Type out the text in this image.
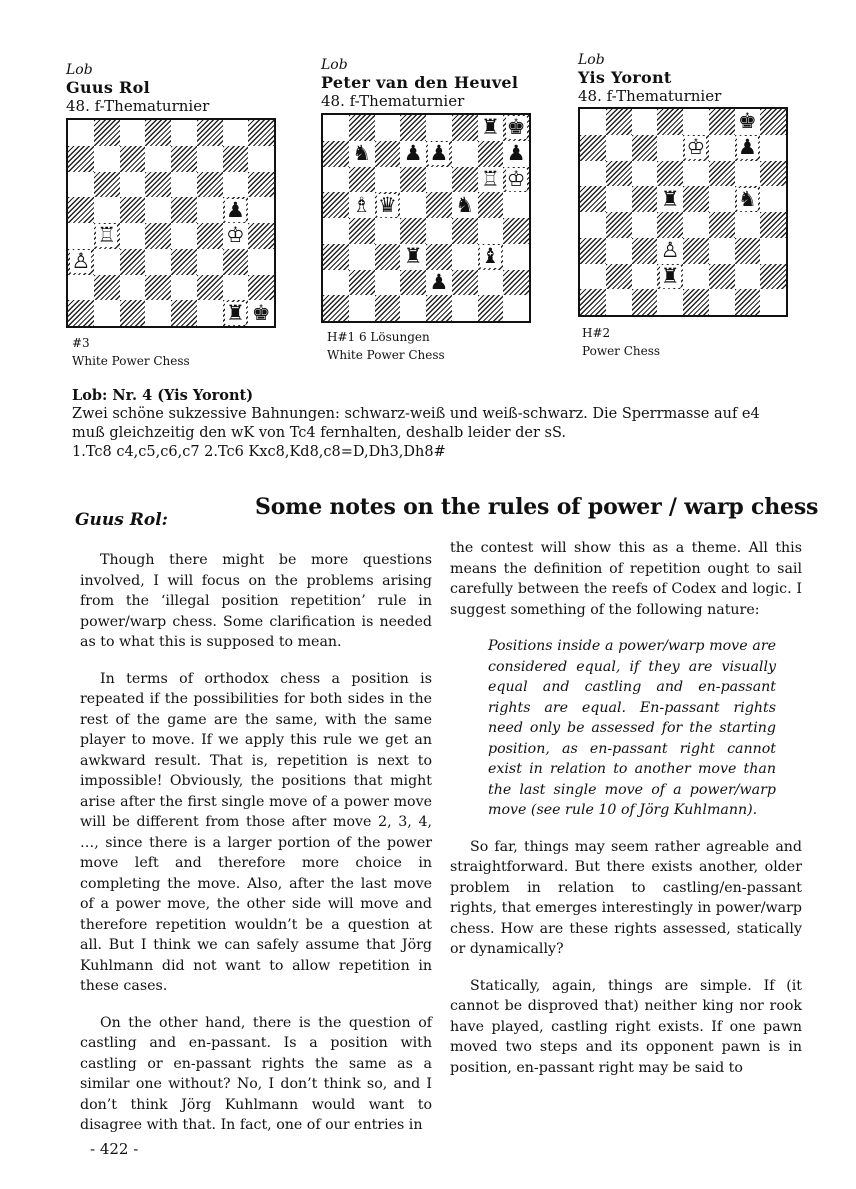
Lob
Guus Rol
48. f-Thematurnier
♟
♖	♔
♙
♜ ♚
#3
White Power Chess
Lob
Peter van den Heuvel
48. f-Thematurnier
♜ ♚
♞ ♟ ♟	♟
♖ ♔
♗ ♛	♞
♜	♝
♟
H#1 6 Lösungen
White Power Chess
Lob
Yis Yoront
48. f-Thematurnier
♚
♔ ♟
♜	♞
♙
♜
H#2
Power Chess
Lob: Nr. 4 (Yis Yoront)
Zwei schöne sukzessive Bahnungen: schwarz-weiß und weiß-schwarz. Die Sperrmasse auf e4 muß gleichzeitig den wK von Tc4 fernhalten, deshalb leider der sS.
1.Tc8 c4,c5,c6,c7 2.Tc6 Kxc8,Kd8,c8=D,Dh3,Dh8#
Guus Rol:	Some notes on the rules of power / warp chess

Though there might be more questions involved, I will focus on the problems arising from the ‘illegal position repetition’ rule in power/warp chess. Some clarification is needed as to what this is supposed to mean.

In terms of orthodox chess a position is repeated if the possibilities for both sides in the rest of the game are the same, with the same player to move. If we apply this rule we get an awkward result. That is, repetition is next to impossible! Obviously, the positions that might arise after the first single move of a power move will be different from those after move 2, 3, 4, …, since there is a larger portion of the power move left and therefore more choice in completing the move. Also, after the last move of a power move, the other side will move and therefore repetition wouldn’t be a question at all. But I think we can safely assume that Jörg Kuhlmann did not want to allow repetition in these cases.

On the other hand, there is the question of castling and en-passant. Is a position with castling or en-passant rights the same as a similar one without? No, I don’t think so, and I don’t think Jörg Kuhlmann would want to disagree with that. In fact, one of our entries in

the contest will show this as a theme. All this means the definition of repetition ought to sail carefully between the reefs of Codex and logic. I suggest something of the following nature:

Positions inside a power/warp move are considered equal, if they are visually equal and castling and en-passant rights are equal. En-passant rights need only be assessed for the starting position, as en-passant right cannot exist in relation to another move than the last single move of a power/warp move (see rule 10 of Jörg Kuhlmann).

So far, things may seem rather agreable and straightforward. But there exists another, older problem in relation to castling/en-passant rights, that emerges interestingly in power/warp chess. How are these rights assessed, statically or dynamically?

Statically, again, things are simple. If (it cannot be disproved that) neither king nor rook have played, castling right exists. If one pawn moved two steps and its opponent pawn is in position, en-passant right may be said to

- 422 -
